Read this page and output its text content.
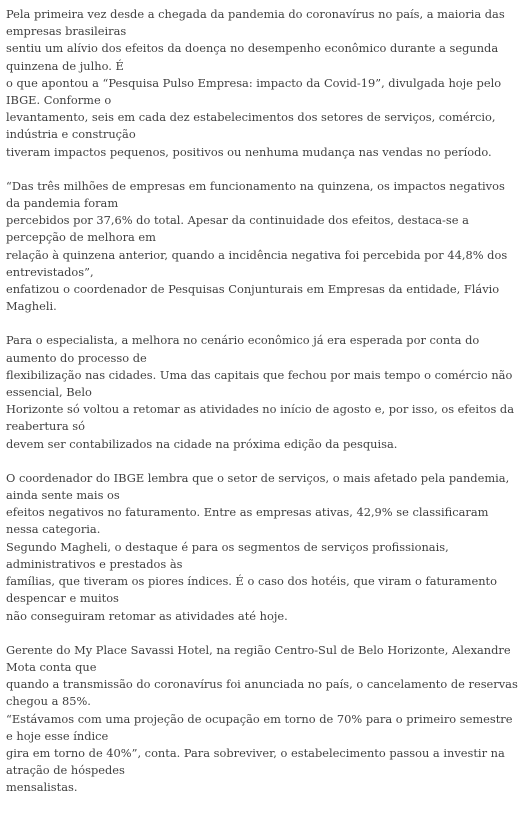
Pela primeira vez desde a chegada da pandemia do coronavírus no país, a maioria das empresas brasileiras
sentiu um alívio dos efeitos da doença no desempenho econômico durante a segunda quinzena de julho. É
o que apontou a “Pesquisa Pulso Empresa: impacto da Covid-19”, divulgada hoje pelo IBGE. Conforme o
levantamento, seis em cada dez estabelecimentos dos setores de serviços, comércio, indústria e construção
tiveram impactos pequenos, positivos ou nenhuma mudança nas vendas no período.

“Das três milhões de empresas em funcionamento na quinzena, os impactos negativos da pandemia foram
percebidos por 37,6% do total. Apesar da continuidade dos efeitos, destaca-se a percepção de melhora em
relação à quinzena anterior, quando a incidência negativa foi percebida por 44,8% dos entrevistados”,
enfatizou o coordenador de Pesquisas Conjunturais em Empresas da entidade, Flávio Magheli.

Para o especialista, a melhora no cenário econômico já era esperada por conta do aumento do processo de
flexibilização nas cidades. Uma das capitais que fechou por mais tempo o comércio não essencial, Belo
Horizonte só voltou a retomar as atividades no início de agosto e, por isso, os efeitos da reabertura só
devem ser contabilizados na cidade na próxima edição da pesquisa.

O coordenador do IBGE lembra que o setor de serviços, o mais afetado pela pandemia, ainda sente mais os
efeitos negativos no faturamento. Entre as empresas ativas, 42,9% se classificaram nessa categoria.
Segundo Magheli, o destaque é para os segmentos de serviços profissionais, administrativos e prestados às
famílias, que tiveram os piores índices. É o caso dos hotéis, que viram o faturamento despencar e muitos
não conseguiram retomar as atividades até hoje.

Gerente do My Place Savassi Hotel, na região Centro-Sul de Belo Horizonte, Alexandre Mota conta que
quando a transmissão do coronavírus foi anunciada no país, o cancelamento de reservas chegou a 85%.
“Estávamos com uma projeção de ocupação em torno de 70% para o primeiro semestre e hoje esse índice
gira em torno de 40%”, conta. Para sobreviver, o estabelecimento passou a investir na atração de hóspedes
mensalistas.
